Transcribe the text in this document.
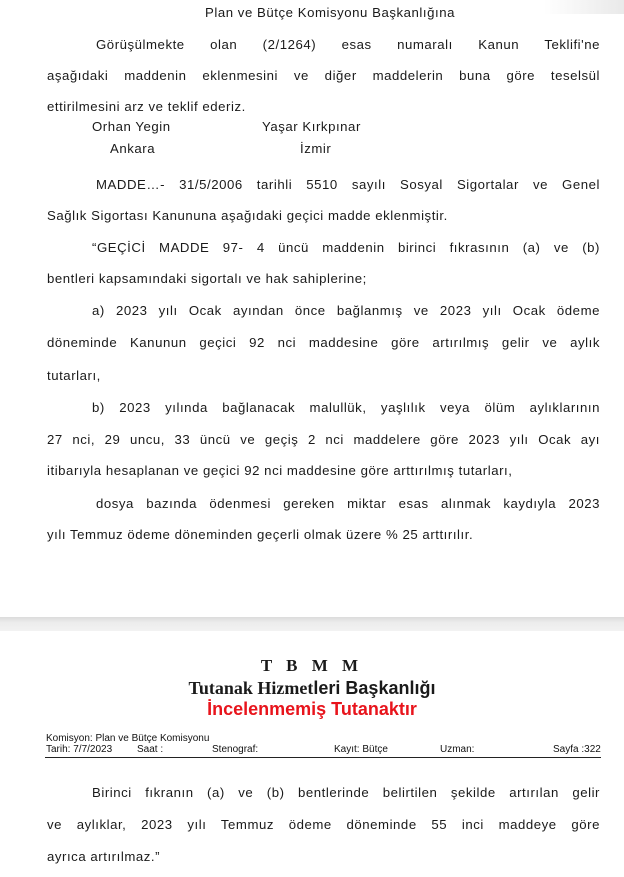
Plan ve Bütçe Komisyonu Başkanlığına
Görüşülmekte olan (2/1264) esas numaralı Kanun Teklifi'ne
aşağıdaki maddenin eklenmesini ve diğer maddelerin buna göre teselsül
ettirilmesini arz ve teklif ederiz.
Orhan Yegin	Yaşar Kırkpınar
Ankara	İzmir
MADDE…- 31/5/2006 tarihli 5510 sayılı Sosyal Sigortalar ve Genel
Sağlık Sigortası Kanununa aşağıdaki geçici madde eklenmiştir.
“GEÇİCİ MADDE 97- 4 üncü maddenin birinci fıkrasının (a) ve (b)
bentleri kapsamındaki sigortalı ve hak sahiplerine;
a) 2023 yılı Ocak ayından önce bağlanmış ve 2023 yılı Ocak ödeme
döneminde Kanunun geçici 92 nci maddesine göre artırılmış gelir ve aylık
tutarları,
b) 2023 yılında bağlanacak malullük, yaşlılık veya ölüm aylıklarının
27 nci, 29 uncu, 33 üncü ve geçiş 2 nci maddelere göre 2023 yılı Ocak ayı
itibarıyla hesaplanan ve geçici 92 nci maddesine göre arttırılmış tutarları,
dosya bazında ödenmesi gereken miktar esas alınmak kaydıyla 2023
yılı Temmuz ödeme döneminden geçerli olmak üzere % 25 arttırılır.
T B M M
Tutanak Hizmetleri Başkanlığı
İncelenmemiş Tutanaktır
Komisyon: Plan ve Bütçe Komisyonu
Tarih: 7/7/2023 Saat :	Stenograf:	Kayıt: Bütçe	Uzman:	Sayfa :322
Birinci fıkranın (a) ve (b) bentlerinde belirtilen şekilde artırılan gelir
ve aylıklar, 2023 yılı Temmuz ödeme döneminde 55 inci maddeye göre
ayrıca artırılmaz.”
